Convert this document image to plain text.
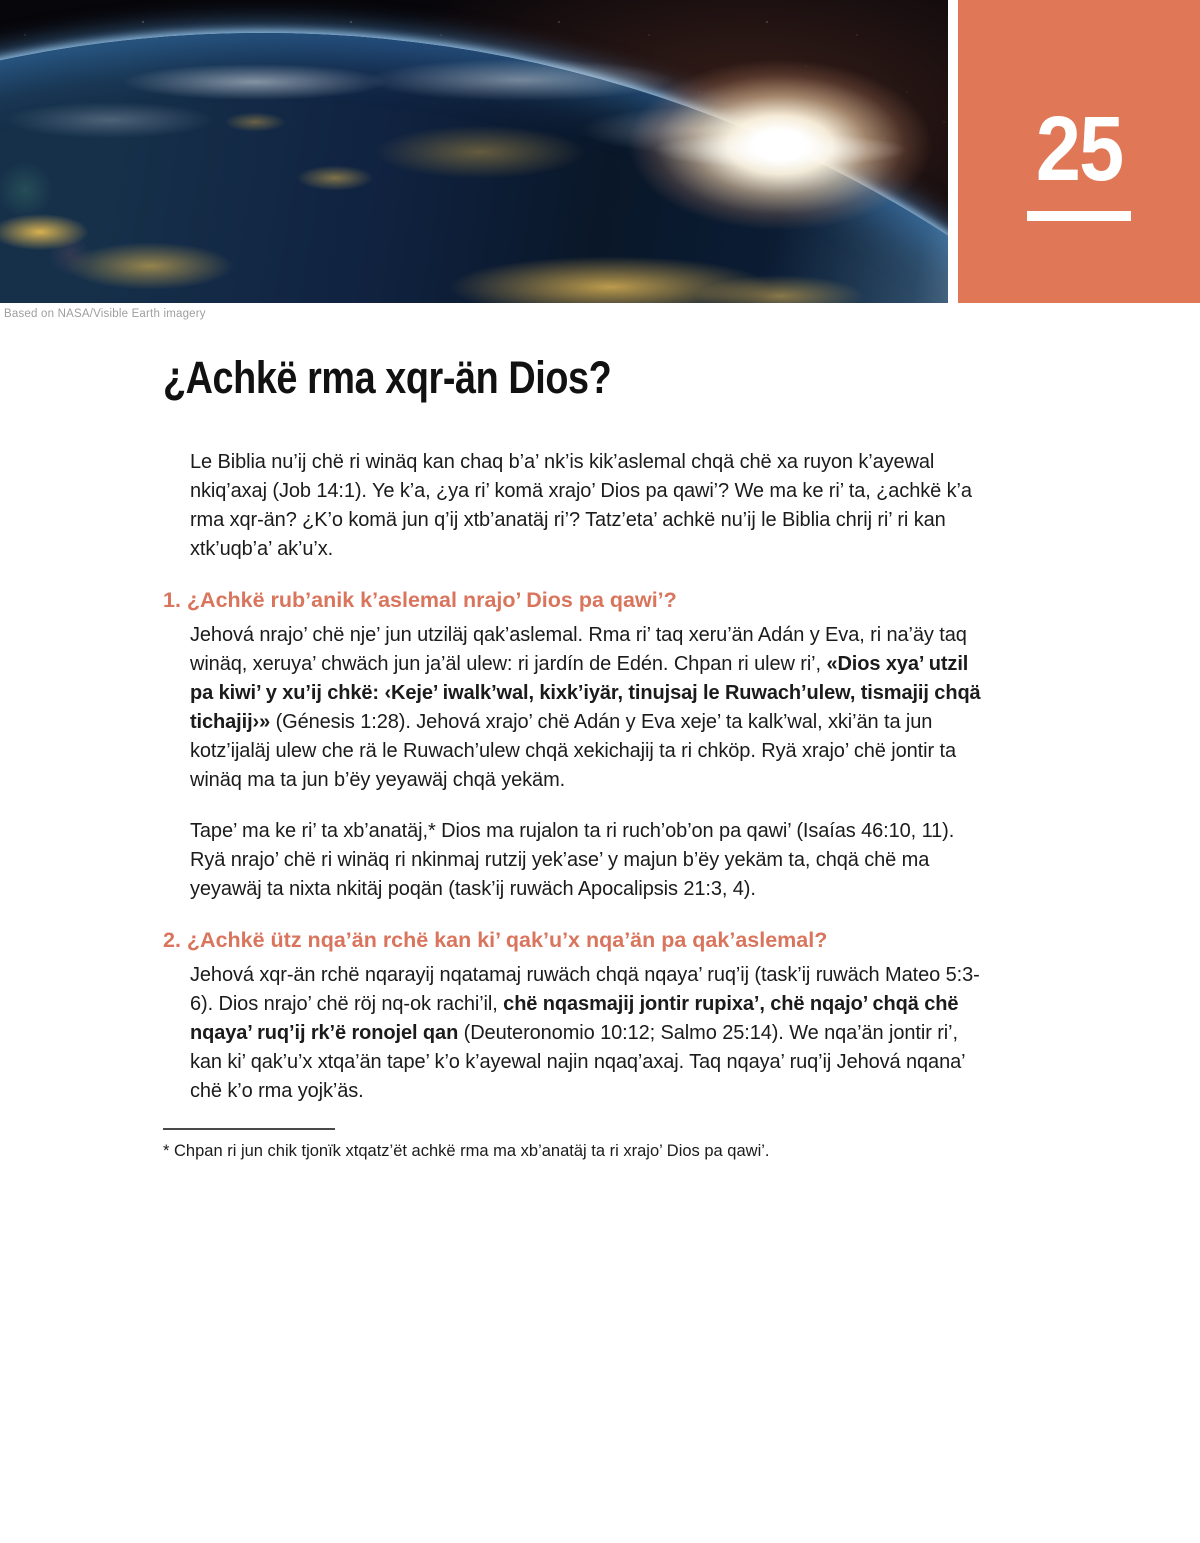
25
Based on NASA/Visible Earth imagery
¿Achkë rma xqr-än Dios?

Le Biblia nu’ij chë ri winäq kan chaq b’a’ nk’is kik’aslemal chqä chë xa ruyon k’ayewal nkiq’axaj (Job 14:1). Ye k’a, ¿ya ri’ komä xrajo’ Dios pa qawi’? We ma ke ri’ ta, ¿achkë k’a rma xqr-än? ¿K’o komä jun q’ij xtb’anatäj ri’? Tatz’eta’ achkë nu’ij le Biblia chrij ri’ ri kan xtk’uqb’a’ ak’u’x.

1. ¿Achkë rub’anik k’aslemal nrajo’ Dios pa qawi’?

Jehová nrajo’ chë nje’ jun utziläj qak’aslemal. Rma ri’ taq xeru’än Adán y Eva, ri na’äy taq winäq, xeruya’ chwäch jun ja’äl ulew: ri jardín de Edén. Chpan ri ulew ri’, «Dios xya’ utzil pa kiwi’ y xu’ij chkë: ‹Keje’ iwalk’wal, kixk’iyär, tinujsaj le Ruwach’ulew, tismajij chqä tichajij›» (Génesis 1:28). Jehová xrajo’ chë Adán y Eva xeje’ ta kalk’wal, xki’än ta jun kotz’ijaläj ulew che rä le Ruwach’ulew chqä xekichajij ta ri chköp. Ryä xrajo’ chë jontir ta winäq ma ta jun b’ëy yeyawäj chqä yekäm.

Tape’ ma ke ri’ ta xb’anatäj,* Dios ma rujalon ta ri ruch’ob’on pa qawi’ (Isaías 46:10, 11). Ryä nrajo’ chë ri winäq ri nkinmaj rutzij yek’ase’ y majun b’ëy yekäm ta, chqä chë ma yeyawäj ta nixta nkitäj poqän (task’ij ruwäch Apocalipsis 21:3, 4).

2. ¿Achkë ütz nqa’än rchë kan ki’ qak’u’x nqa’än pa qak’aslemal?

Jehová xqr-än rchë nqarayij nqatamaj ruwäch chqä nqaya’ ruq’ij (task’ij ruwäch Mateo 5:3-6). Dios nrajo’ chë röj nq-ok rachi’il, chë nqasmajij jontir rupixa’, chë nqajo’ chqä chë nqaya’ ruq’ij rk’ë ronojel qan (Deuteronomio 10:12; Salmo 25:14). We nqa’än jontir ri’, kan ki’ qak’u’x xtqa’än tape’ k’o k’ayewal najin nqaq’axaj. Taq nqaya’ ruq’ij Jehová nqana’ chë k’o rma yojk’äs.

* Chpan ri jun chik tjonïk xtqatz’ët achkë rma ma xb’anatäj ta ri xrajo’ Dios pa qawi’.
